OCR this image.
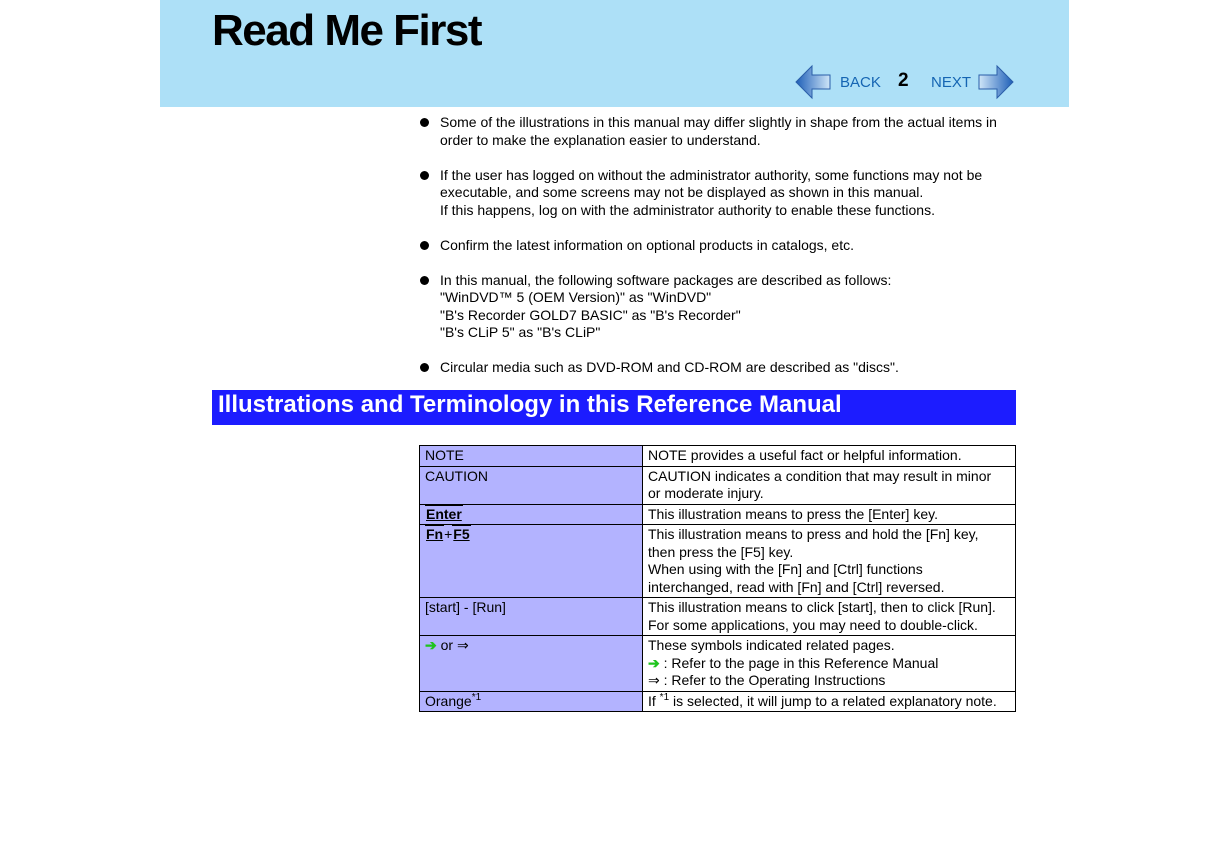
Read Me First
BACK 2 NEXT
Some of the illustrations in this manual may differ slightly in shape from the actual items in
order to make the explanation easier to understand.
If the user has logged on without the administrator authority, some functions may not be
executable, and some screens may not be displayed as shown in this manual.
If this happens, log on with the administrator authority to enable these functions.
Confirm the latest information on optional products in catalogs, etc.
In this manual, the following software packages are described as follows:
"WinDVD™ 5 (OEM Version)" as "WinDVD"
"B's Recorder GOLD7 BASIC" as "B's Recorder"
"B's CLiP 5" as "B's CLiP"
Circular media such as DVD-ROM and CD-ROM are described as "discs".
Illustrations and Terminology in this Reference Manual
NOTE	NOTE provides a useful fact or helpful information.
CAUTION	CAUTION indicates a condition that may result in minor
or moderate injury.

Enter	This illustration means to press the [Enter] key.
Fn+F5	This illustration means to press and hold the [Fn] key,
then press the [F5] key.
When using with the [Fn] and [Ctrl] functions
interchanged, read with [Fn] and [Ctrl] reversed.

[start] - [Run]	This illustration means to click [start], then to click [Run].
For some applications, you may need to double-click.

➔ or ⇒	These symbols indicated related pages.
➔ : Refer to the page in this Reference Manual
⇒ : Refer to the Operating Instructions

Orange$^{*1}$	If $^{*1}$ is selected, it will jump to a related explanatory note.
